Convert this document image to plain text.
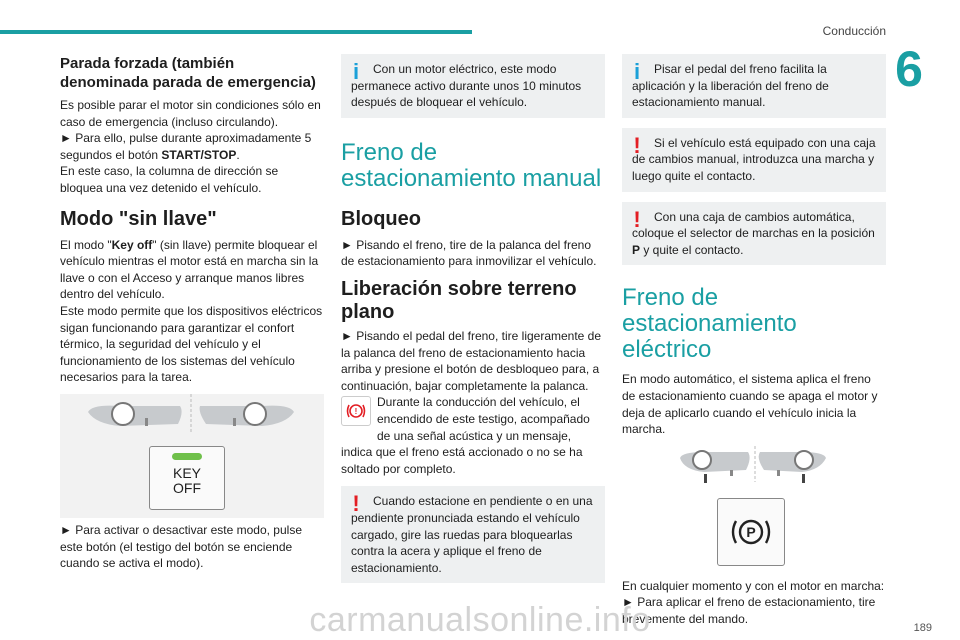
Conducción
6
Parada forzada (también denominada parada de emergencia)

Es posible parar el motor sin condiciones sólo en caso de emergencia (incluso circulando).

► Para ello, pulse durante aproximadamente 5 segundos el botón START/STOP.

En este caso, la columna de dirección se bloquea una vez detenido el vehículo.

Modo "sin llave"

El modo "Key off" (sin llave) permite bloquear el vehículo mientras el motor está en marcha sin la llave o con el Acceso y arranque manos libres dentro del vehículo.

Este modo permite que los dispositivos eléctricos sigan funcionando para garantizar el confort térmico, la seguridad del vehículo y el funcionamiento de los sistemas del vehículo necesarios para la tarea.

KEY
OFF

► Para activar o desactivar este modo, pulse este botón (el testigo del botón se enciende cuando se activa el modo).

i	Con un motor eléctrico, este modo permanece activo durante unos 10 minutos después de bloquear el vehículo.

Freno de estacionamiento manual
Bloqueo

► Pisando el freno, tire de la palanca del freno de estacionamiento para inmovilizar el vehículo.

Liberación sobre terreno plano

► Pisando el pedal del freno, tire ligeramente de la palanca del freno de estacionamiento hacia arriba y presione el botón de desbloqueo para, a continuación, bajar completamente la palanca.

!

Durante la conducción del vehículo, el encendido de este testigo, acompañado de una señal acústica y un mensaje, indica que el freno está accionado o no se ha soltado por completo.

!	Cuando estacione en pendiente o en una pendiente pronunciada estando el vehículo cargado, gire las ruedas para bloquearlas contra la acera y aplique el freno de estacionamiento.

i	Pisar el pedal del freno facilita la aplicación y la liberación del freno de estacionamiento manual.

!	Si el vehículo está equipado con una caja de cambios manual, introduzca una marcha y luego quite el contacto.

!	Con una caja de cambios automática, coloque el selector de marchas en la posición P y quite el contacto.

Freno de estacionamiento eléctrico

En modo automático, el sistema aplica el freno de estacionamiento cuando se apaga el motor y deja de aplicarlo cuando el vehículo inicia la marcha.

P

En cualquier momento y con el motor en marcha:

► Para aplicar el freno de estacionamiento, tire brevemente del mando.

189
carmanualsonline.info
